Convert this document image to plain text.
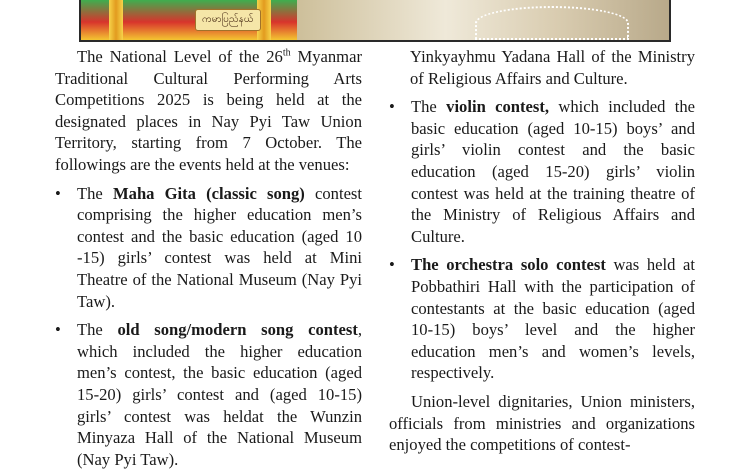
ကမာပြည်နယ်

The National Level of the 26th Myanmar Traditional Cultural Performing Arts Competitions 2025 is being held at the designated places in Nay Pyi Taw Union Territory, starting from 7 October. The followings are the events held at the venues:

• The Maha Gita (classic song) contest comprising the higher education men’s contest and the basic education (aged 10 -15) girls’ contest was held at Mini Theatre of the National Museum (Nay Pyi Taw).
• The old song/modern song contest, which included the higher education men’s contest, the basic education (aged 15-20) girls’ contest and (aged 10-15) girls’ contest was heldat the Wunzin Minyaza Hall of the National Museum (Nay Pyi Taw).

Yinkyayhmu Yadana Hall of the Ministry of Religious Affairs and Culture.

• The violin contest, which included the basic education (aged 10-15) boys’ and girls’ violin contest and the basic education (aged 15-20) girls’ violin contest was held at the training theatre of the Ministry of Religious Affairs and Culture.
• The orchestra solo contest was held at Pobbathiri Hall with the participation of contestants at the basic education (aged 10-15) boys’ level and the higher education men’s and women’s levels, respectively.

Union-level dignitaries, Union ministers, officials from ministries and organizations enjoyed the competitions of contest-
